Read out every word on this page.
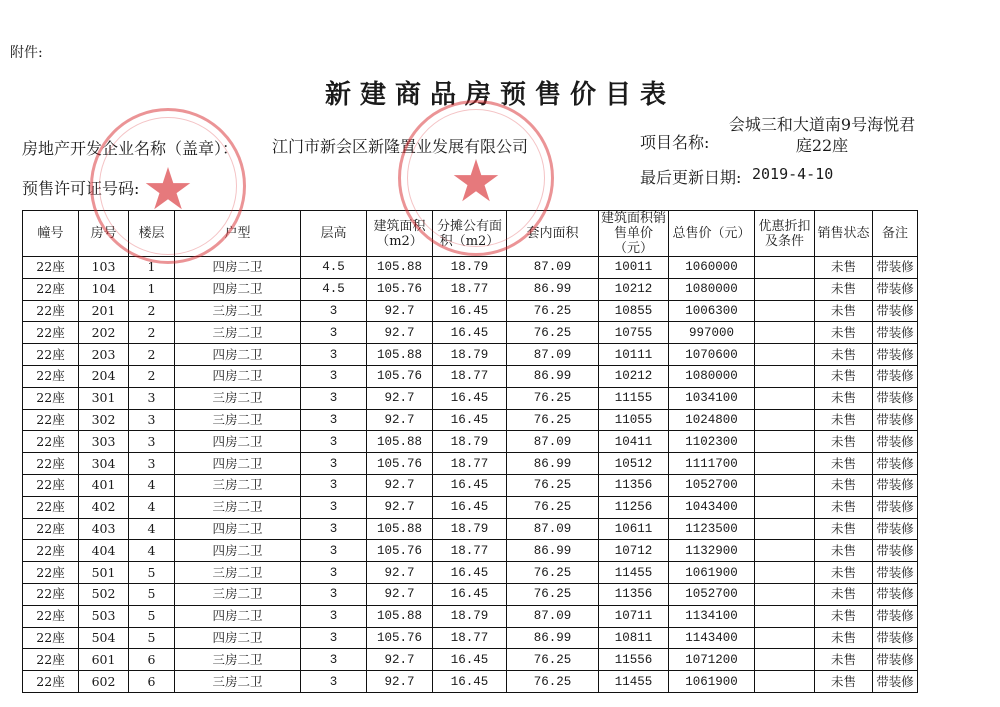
附件:
新建商品房预售价目表
房地产开发企业名称（盖章）： 江门市新会区新隆置业发展有限公司
预售许可证号码:
项目名称:
会城三和大道南9号海悦君庭22座
最后更新日期: 2019-4-10
幢号	房号	楼层	户型	层高	建筑面积（m2）	分摊公有面积（m2）	套内面积	建筑面积销售单价（元）	总售价（元）	优惠折扣及条件	销售状态	备注
22座	103	1	四房二卫	4.5	105.88	18.79	87.09	10011	1060000		未售	带装修
22座	104	1	四房二卫	4.5	105.76	18.77	86.99	10212	1080000		未售	带装修
22座	201	2	三房二卫	3	92.7	16.45	76.25	10855	1006300		未售	带装修
22座	202	2	三房二卫	3	92.7	16.45	76.25	10755	997000		未售	带装修
22座	203	2	四房二卫	3	105.88	18.79	87.09	10111	1070600		未售	带装修
22座	204	2	四房二卫	3	105.76	18.77	86.99	10212	1080000		未售	带装修
22座	301	3	三房二卫	3	92.7	16.45	76.25	11155	1034100		未售	带装修
22座	302	3	三房二卫	3	92.7	16.45	76.25	11055	1024800		未售	带装修
22座	303	3	四房二卫	3	105.88	18.79	87.09	10411	1102300		未售	带装修
22座	304	3	四房二卫	3	105.76	18.77	86.99	10512	1111700		未售	带装修
22座	401	4	三房二卫	3	92.7	16.45	76.25	11356	1052700		未售	带装修
22座	402	4	三房二卫	3	92.7	16.45	76.25	11256	1043400		未售	带装修
22座	403	4	四房二卫	3	105.88	18.79	87.09	10611	1123500		未售	带装修
22座	404	4	四房二卫	3	105.76	18.77	86.99	10712	1132900		未售	带装修
22座	501	5	三房二卫	3	92.7	16.45	76.25	11455	1061900		未售	带装修
22座	502	5	三房二卫	3	92.7	16.45	76.25	11356	1052700		未售	带装修
22座	503	5	四房二卫	3	105.88	18.79	87.09	10711	1134100		未售	带装修
22座	504	5	四房二卫	3	105.76	18.77	86.99	10811	1143400		未售	带装修
22座	601	6	三房二卫	3	92.7	16.45	76.25	11556	1071200		未售	带装修
22座	602	6	三房二卫	3	92.7	16.45	76.25	11455	1061900		未售	带装修
★	★
